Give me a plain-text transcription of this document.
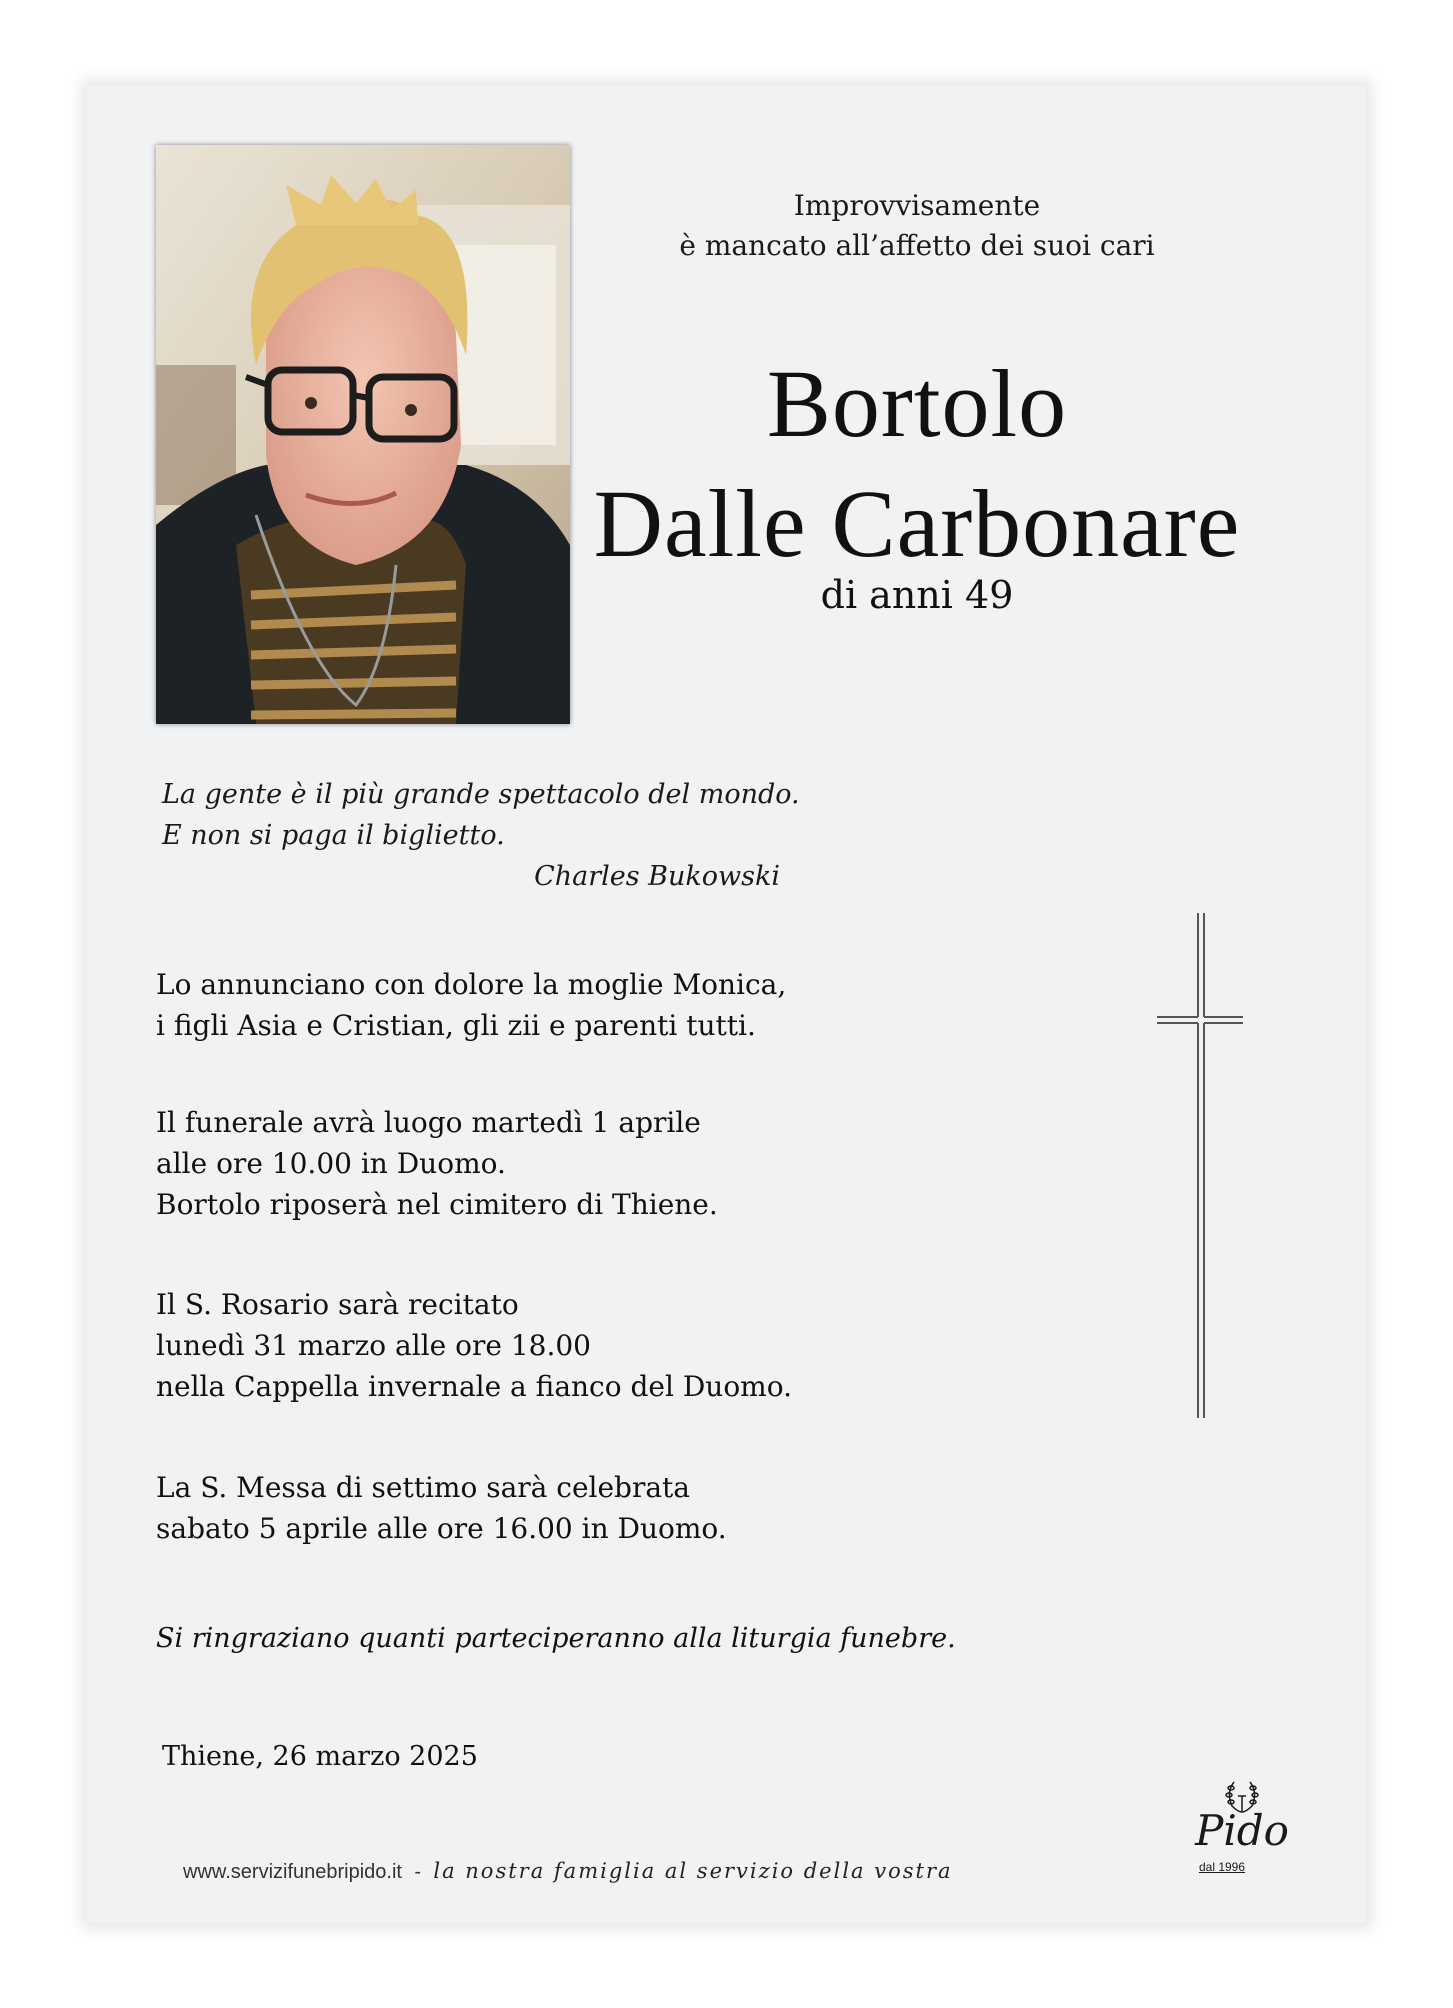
Improvvisamente
è mancato all’affetto dei suoi cari
Bortolo
Dalle Carbonare
di anni 49
La gente è il più grande spettacolo del mondo.
E non si paga il biglietto.
Charles Bukowski
Lo annunciano con dolore la moglie Monica,
i figli Asia e Cristian, gli zii e parenti tutti.
Il funerale avrà luogo martedì 1 aprile
alle ore 10.00 in Duomo.
Bortolo riposerà nel cimitero di Thiene.
Il S. Rosario sarà recitato
lunedì 31 marzo alle ore 18.00
nella Cappella invernale a fianco del Duomo.
La S. Messa di settimo sarà celebrata
sabato 5 aprile alle ore 16.00 in Duomo.
Si ringraziano quanti parteciperanno alla liturgia funebre.
Thiene, 26 marzo 2025
www.servizifunebripido.it - la nostra famiglia al servizio della vostra
Pido
dal 1996
